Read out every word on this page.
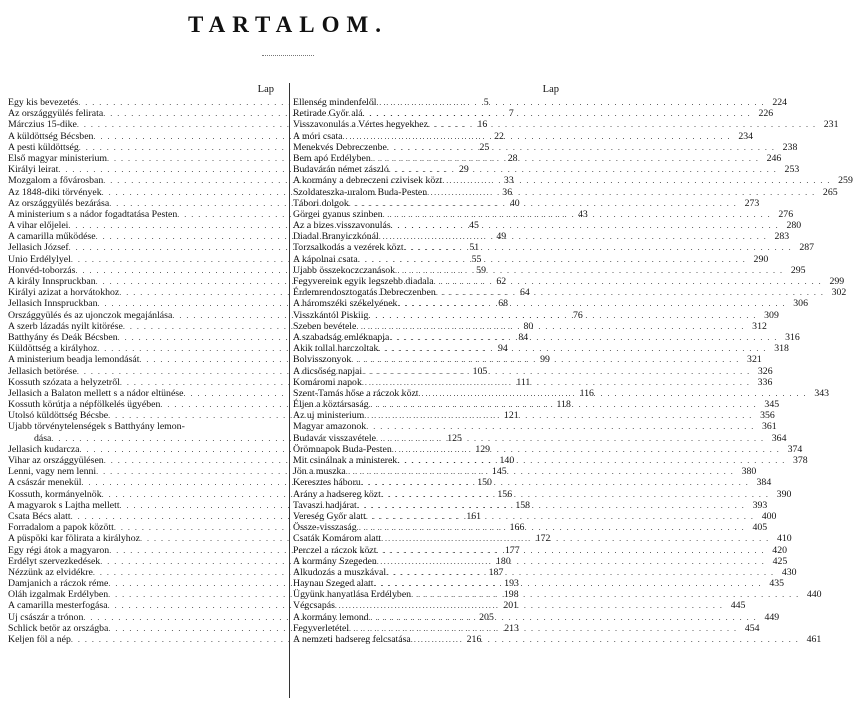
TARTALOM.
Lap
Egy kis bevezetés . . .	5
Az országgyülés felirata . . .	7
Márczius 15-dike . . .	16
A küldöttség Bécsben . . .	22
A pesti küldöttség . . .	25
Első magyar ministerium . . .	28
Királyi leirat . . .	29
Mozgalom a fővárosban . . .	33
Az 1848-diki törvények . . .	36
Az országgyülés bezárása . . .	40
A ministerium s a nádor fogadtatása Pesten . . .	43
A vihar előjelei . . .	45
A camarilla működése . . .	49
Jellasich József . . .	51
Unio Erdélylyel . . .	55
Honvéd-toborzás . . .	59
A király Innspruckban . . .	62
Királyi azizat a horvátokhoz . . .	64
Jellasich Innspruckban . . .	68
Országgyülés és az ujonczok megajánlása . . .	76
A szerb lázadás nyilt kitörése . . .	80
Batthyány és Deák Bécsben . . .	84
Küldöttség a királyhoz . . .	94
A ministerium beadja lemondását . . .	99
Jellasich betörése . . .	105
Kossuth szózata a helyzetről . . .	111
Jellasich a Balaton mellett s a nádor eltünése . . .	116
Kossuth körútja a népfölkelés ügyében . . .	118
Utolsó küldöttség Bécsbe . . .	121
Ujabb törvénytelenségek s Batthyány lemon-
dása . . .	125
Jellasich kudarcza . . .	129
Vihar az országgyülésen . . .	140
Lenni, vagy nem lenni . . .	145
A császár menekül . . .	150
Kossuth, kormányelnök . . .	156
A magyarok s Lajtha mellett . . .	158
Csata Bécs alatt . . .	161
Forradalom a papok között . . .	166
A püspöki kar fölirata a királyhoz . . .	172
Egy régi átok a magyaron . . .	177
Erdélyt szervezkedések . . .	180
Nézzünk az elvidékre . . .	187
Damjanich a ráczok réme . . .	193
Oláh izgalmak Erdélyben . . .	198
A camarilla mesterfogása . . .	201
Uj császár a trónon . . .	205
Schlick betör az országba . . .	213
Keljen föl a nép . . .	216
Lap
Ellenség mindenfelől . . .	224
Retirade Győr alá . . .	226
Visszavonulás a Vértes hegyekhez . . .	231
A móri csata . . .	234
Menekvés Debreczenbe . . .	238
Bem apó Erdélyben . . .	246
Budavárán német zászló . . .	253
A kormány a debreczeni czivisek közt . . .	259
Szoldateszka-uralom Buda-Pesten . . .	265
Tábori dolgok . . .	273
Görgei gyanus szinben . . .	276
Az a bizes visszavonulás . . .	280
Diadal Branyiczkónál . . .	283
Torzsalkodás a vezérek közt . . .	287
A kápolnai csata . . .	290
Ujabb összekoczczanások . . .	295
Fegyvereink egyik legszebb diadala . . .	299
Érdemrendosztogatás Debreczenben . . .	302
A háromszéki székelyének . . .	306
Visszkántól Piskiig . . .	309
Szeben bevétele . . .	312
A szabadság emléknapja . . .	316
Akik tollal harczoltak . . .	318
Bolvisszonyok . . .	321
A dicsőség napjai . . .	326
Komáromi napok . . .	336
Szent-Tamás hőse a ráczok közt . . .	343
Éljen a köztársaság . . .	345
Az uj ministerium . . .	356
Magyar amazonok . . .	361
Budavár visszavétele . . .	364
Örömnapok Buda-Pesten . . .	374
Mit csinálnak a ministerek . . .	378
Jön a muszka . . .	380
Keresztes háboru . . .	384
Arány a hadsereg közt . . .	390
Tavaszi hadjárat . . .	393
Vereség Győr alatt . . .	400
Össze-visszaság . . .	405
Csaták Komárom alatt . . .	410
Perczel a ráczok közt . . .	420
A kormány Szegeden . . .	425
Alkudozás a muszkával . . .	430
Haynau Szeged alatt . . .	435
Ügyünk hanyatlása Erdélyben . . .	440
Végcsapás . . .	445
A kormány lemond . . .	449
Fegyverletétel . . .	454
A nemzeti hadsereg felcsatása . . .	461
